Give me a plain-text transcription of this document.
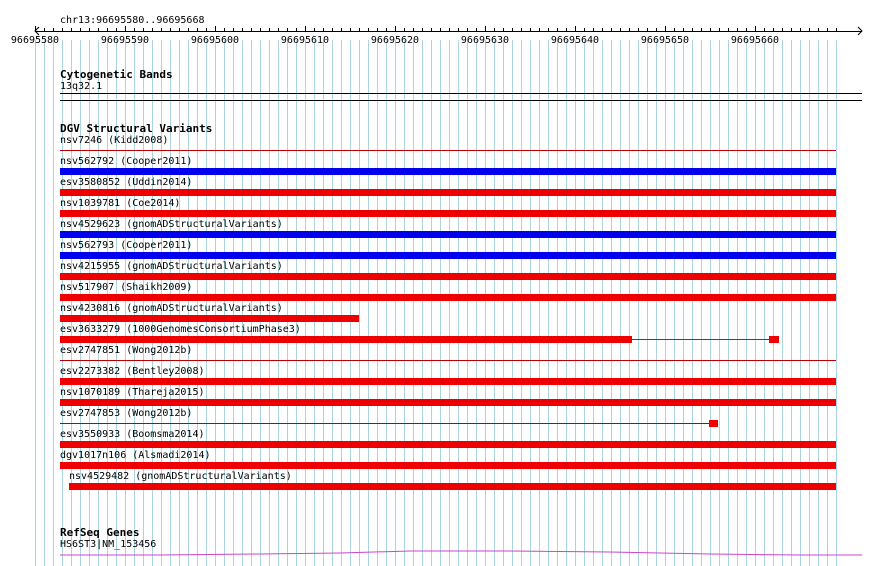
chr13:96695580..96695668
96695580	96695590	96695600	96695610	96695620	96695630	96695640	96695650	96695660
Cytogenetic Bands
13q32.1
DGV Structural Variants
nsv7246 (Kidd2008)
nsv562792 (Cooper2011)
esv3580852 (Uddin2014)
nsv1039781 (Coe2014)
nsv4529623 (gnomADStructuralVariants)
nsv562793 (Cooper2011)
nsv4215955 (gnomADStructuralVariants)
nsv517907 (Shaikh2009)
nsv4230816 (gnomADStructuralVariants)
esv3633279 (1000GenomesConsortiumPhase3)
esv2747851 (Wong2012b)
esv2273382 (Bentley2008)
nsv1070189 (Thareja2015)
esv2747853 (Wong2012b)
esv3550933 (Boomsma2014)
dgv1017n106 (Alsmadi2014)
nsv4529482 (gnomADStructuralVariants)
RefSeq Genes
HS6ST3|NM_153456
